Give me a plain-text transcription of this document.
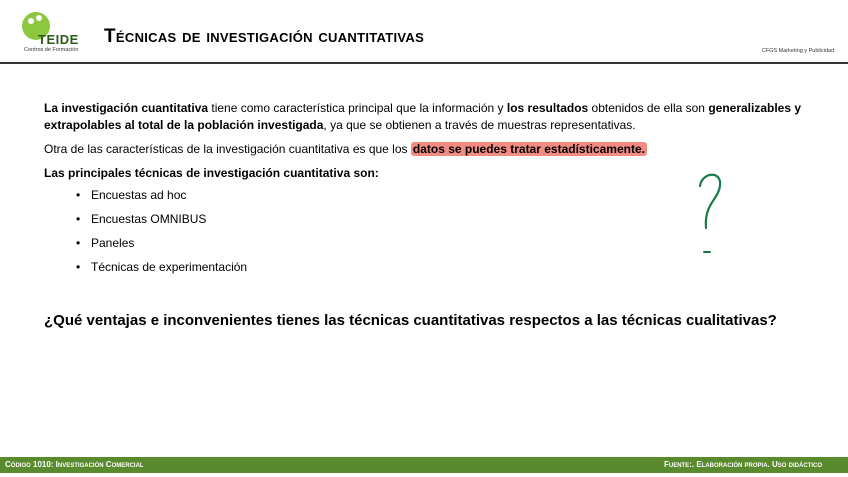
TEIDE
Centros de Formación
Técnicas de investigación cuantitativas
CFGS Marketing y Publicidad

La investigación cuantitativa tiene como característica principal que la información y los resultados obtenidos de ella son generalizables y extrapolables al total de la población investigada, ya que se obtienen a través de muestras representativas.

Otra de las características de la investigación cuantitativa es que los datos se puedes tratar estadísticamente.

Las principales técnicas de investigación cuantitativa son:

• Encuestas ad hoc
• Encuestas OMNIBUS
• Paneles
• Técnicas de experimentación
¿Qué ventajas e inconvenientes tienes las técnicas cuantitativas respectos a las técnicas cualitativas?
Código 1010: Investigación Comercial	Fuente:. Elaboración propia. Uso didáctico
